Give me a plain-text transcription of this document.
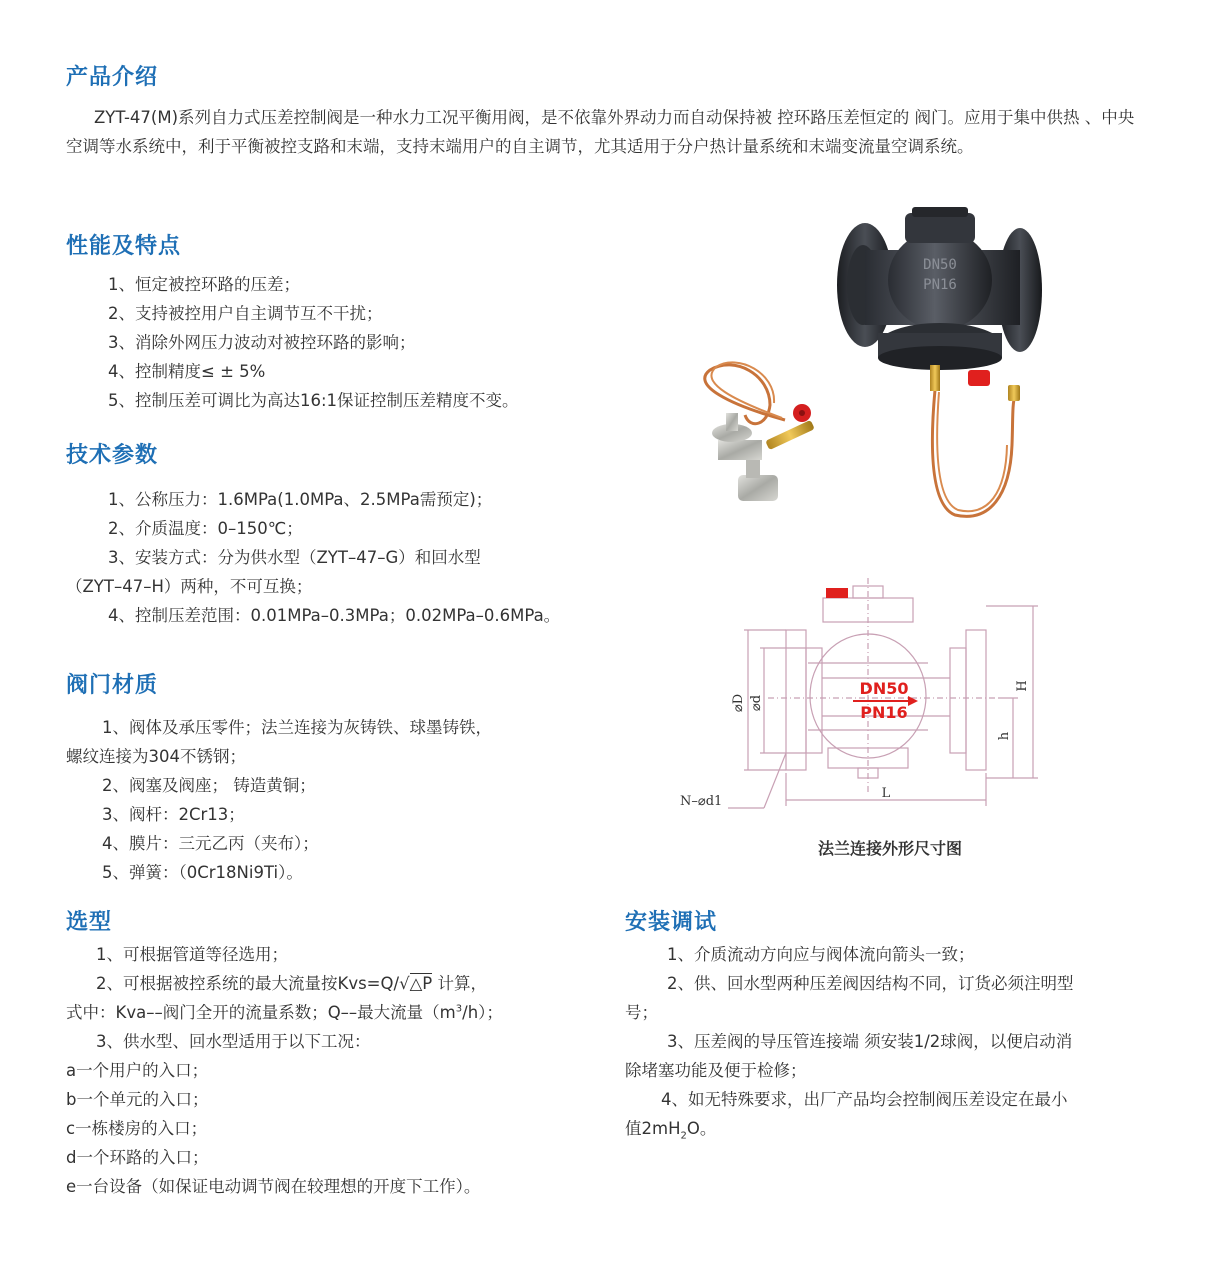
产品介绍
ZYT-47(M)系列自力式压差控制阀是一种水力工况平衡用阀，是不依靠外界动力而自动保持被 控环路压差恒定的 阀门。应用于集中供热 、中央空调等水系统中，利于平衡被控支路和末端，支持末端用户的自主调节，尤其适用于分户热计量系统和末端变流量空调系统。
性能及特点
1、恒定被控环路的压差；
2、支持被控用户自主调节互不干扰；
3、消除外网压力波动对被控环路的影响；
4、控制精度≤ ± 5%
5、控制压差可调比为高达16:1保证控制压差精度不变。
技术参数
1、公称压力：1.6MPa(1.0MPa、2.5MPa需预定)；
2、介质温度：0–150℃；
3、安装方式：分为供水型（ZYT–47–G）和回水型
（ZYT–47–H）两种，不可互换；
4、控制压差范围：0.01MPa–0.3MPa；0.02MPa–0.6MPa。
阀门材质
1、阀体及承压零件；法兰连接为灰铸铁、球墨铸铁，
螺纹连接为304不锈钢；
2、阀塞及阀座； 铸造黄铜；
3、阀杆：2Cr13；
4、膜片：三元乙丙（夹布）；
5、弹簧：（0Cr18Ni9Ti）。
选型
1、可根据管道等径选用；
2、可根据被控系统的最大流量按Kvs=Q/√△P 计算，
式中：Kva––阀门全开的流量系数；Q––最大流量$(m^3/h)$；
3、供水型、回水型适用于以下工况：
a一个用户的入口；
b一个单元的入口；
c一栋楼房的入口；
d一个环路的入口；
e一台设备（如保证电动调节阀在较理想的开度下工作）。
安装调试
1、介质流动方向应与阀体流向箭头一致；
2、供、回水型两种压差阀因结构不同，订货必须注明型
号；
3、压差阀的导压管连接端 须安装1/2球阀，以便启动消
除堵塞功能及便于检修；
4、如无特殊要求，出厂产品均会控制阀压差设定在最小
值$2mH_2O$。
DN50
PN16
DN50
PN16
⌀D ⌀d
H
h
L
N–⌀d1
法兰连接外形尺寸图
